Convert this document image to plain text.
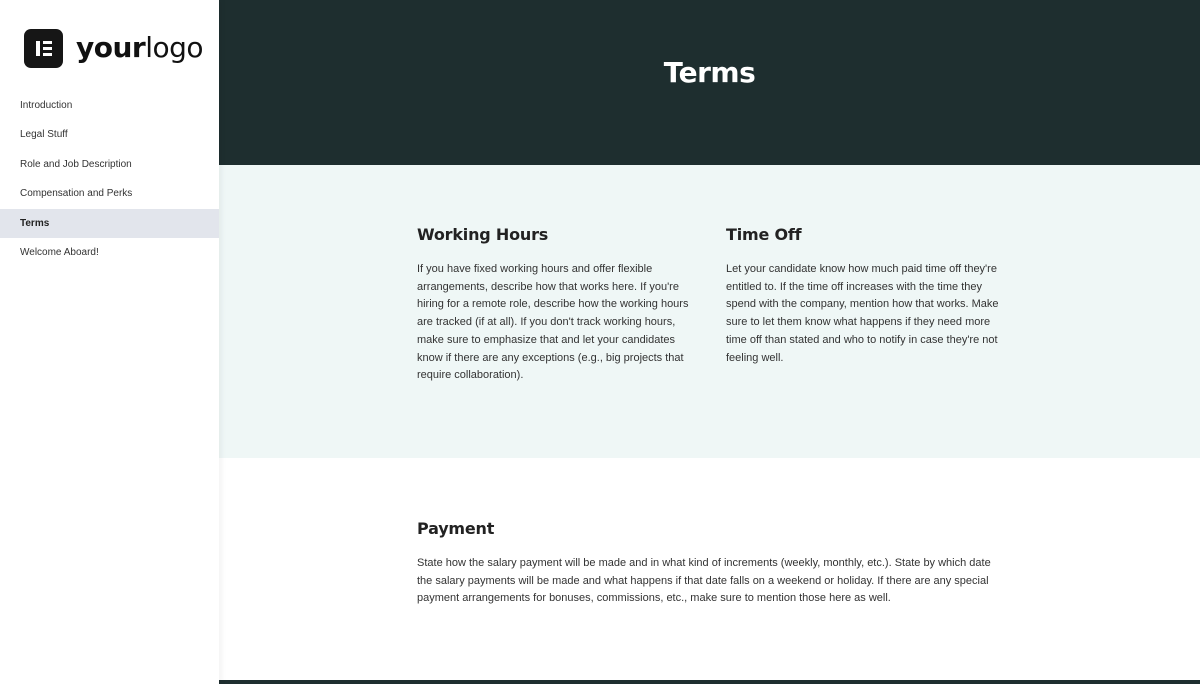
yourlogo
Introduction
Legal Stuff
Role and Job Description
Compensation and Perks
Terms
Welcome Aboard!
Terms
Working Hours

If you have fixed working hours and offer flexible arrangements, describe how that works here. If you're hiring for a remote role, describe how the working hours are tracked (if at all). If you don't track working hours, make sure to emphasize that and let your candidates know if there are any exceptions (e.g., big projects that require collaboration).

Time Off

Let your candidate know how much paid time off they're entitled to. If the time off increases with the time they spend with the company, mention how that works. Make sure to let them know what happens if they need more time off than stated and who to notify in case they're not feeling well.

Payment

State how the salary payment will be made and in what kind of increments (weekly, monthly, etc.). State by which date the salary payments will be made and what happens if that date falls on a weekend or holiday. If there are any special payment arrangements for bonuses, commissions, etc., make sure to mention those here as well.
